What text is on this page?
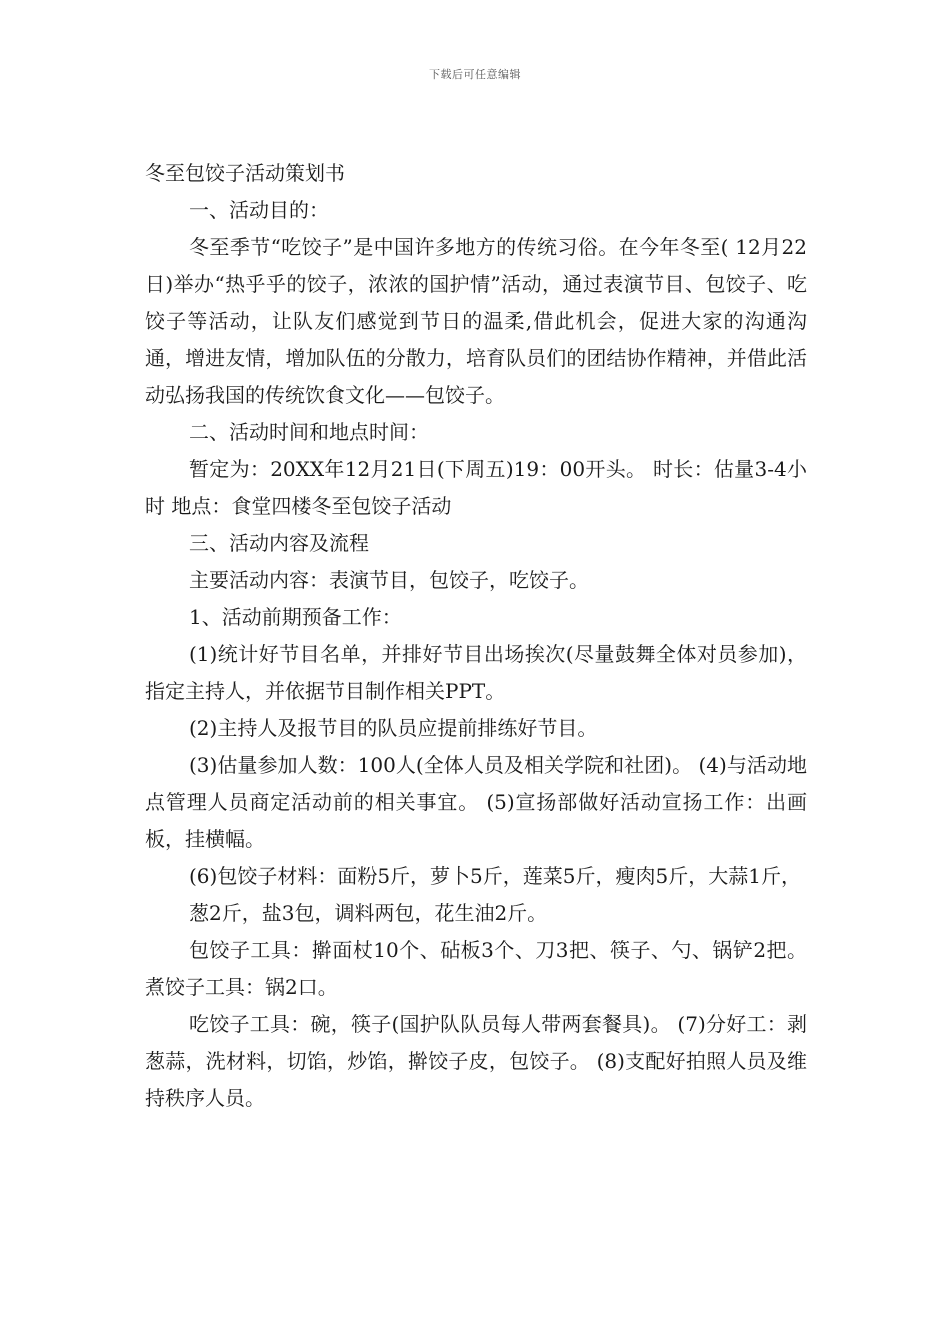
下载后可任意编辑

冬至包饺子活动策划书

一、活动目的：

冬至季节“吃饺子”是中国许多地方的传统习俗。在今年冬至( 12月22日)举办“热乎乎的饺子，浓浓的国护情”活动，通过表演节目、包饺子、吃饺子等活动，让队友们感觉到节日的温柔,借此机会，促进大家的沟通沟通，增进友情，增加队伍的分散力，培育队员们的团结协作精神，并借此活动弘扬我国的传统饮食文化——包饺子。

二、活动时间和地点时间：

暂定为：20XX年12月21日(下周五)19：00开头。 时长：估量3-4小时 地点：食堂四楼冬至包饺子活动

三、活动内容及流程

主要活动内容：表演节目，包饺子，吃饺子。

1、活动前期预备工作：

(1)统计好节目名单，并排好节目出场挨次(尽量鼓舞全体对员参加)，指定主持人，并依据节目制作相关PPT。

(2)主持人及报节目的队员应提前排练好节目。

(3)估量参加人数：100人(全体人员及相关学院和社团)。 (4)与活动地点管理人员商定活动前的相关事宜。 (5)宣扬部做好活动宣扬工作：出画板，挂横幅。

(6)包饺子材料：面粉5斤，萝卜5斤，莲菜5斤，瘦肉5斤，大蒜1斤，

葱2斤，盐3包，调料两包，花生油2斤。

包饺子工具：擀面杖10个、砧板3个、刀3把、筷子、勺、锅铲2把。 煮饺子工具：锅2口。

吃饺子工具：碗，筷子(国护队队员每人带两套餐具)。 (7)分好工：剥葱蒜，洗材料，切馅，炒馅，擀饺子皮，包饺子。 (8)支配好拍照人员及维持秩序人员。
